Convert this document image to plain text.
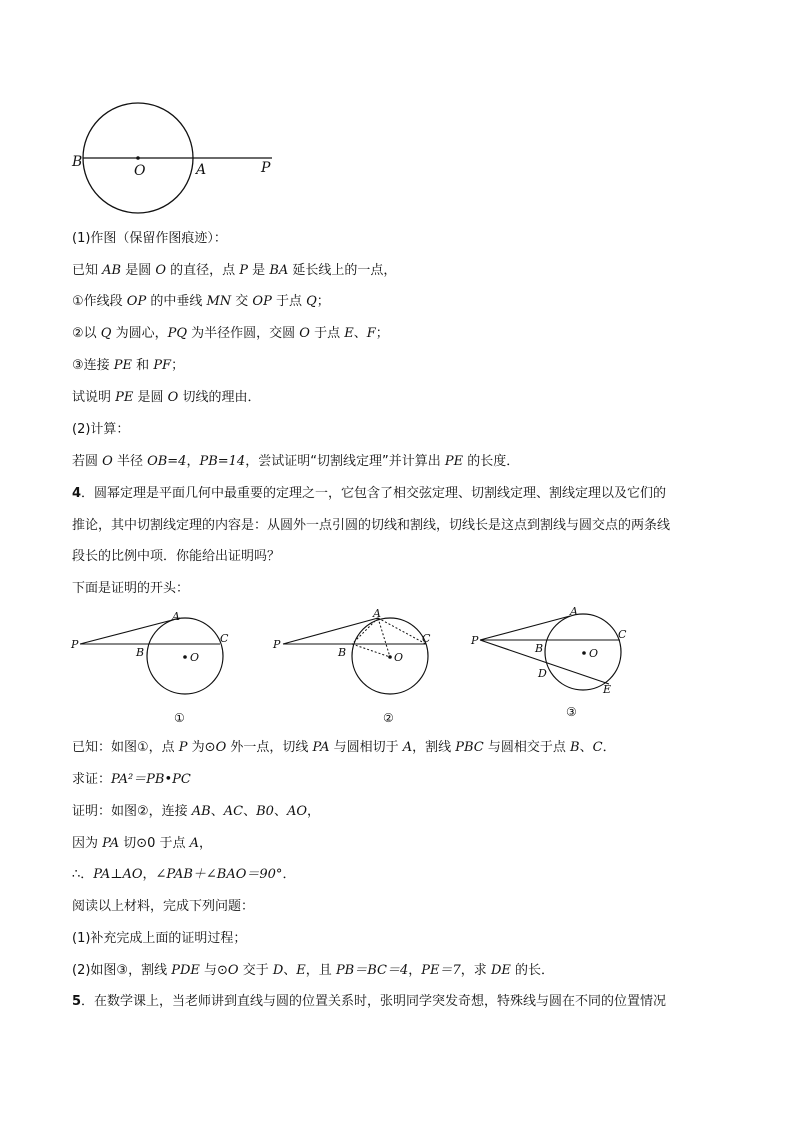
B
O	A	P
(1)作图（保留作图痕迹）：
已知 AB 是圆 O 的直径，点 P 是 BA 延长线上的一点，
①作线段 OP 的中垂线 MN 交 OP 于点 Q；
②以 Q 为圆心，PQ 为半径作圆，交圆 O 于点 E、F；
③连接 PE 和 PF；
试说明 PE 是圆 O 切线的理由．
(2)计算：
若圆 O 半径 OB=4，PB=14，尝试证明“切割线定理”并计算出 PE 的长度．
4．圆幂定理是平面几何中最重要的定理之一，它包含了相交弦定理、切割线定理、割线定理以及它们的
推论，其中切割线定理的内容是：从圆外一点引圆的切线和割线，切线长是这点到割线与圆交点的两条线
段长的比例中项．你能给出证明吗？
下面是证明的开头：
P
A
B
C
O
①
P
A
B
C
O
②
P
A
B
C
O
D
E
③
已知：如图①，点 P 为⊙O 外一点，切线 PA 与圆相切于 A，割线 PBC 与圆相交于点 B、C．
求证：PA²＝PB•PC
证明：如图②，连接 AB、AC、B0、AO，
因为 PA 切⊙0 于点 A，
∴．PA⊥AO，∠PAB＋∠BAO＝90°．
阅读以上材料，完成下列问题：
(1)补充完成上面的证明过程；
(2)如图③，割线 PDE 与⊙O 交于 D、E，且 PB＝BC＝4，PE＝7，求 DE 的长．
5．在数学课上，当老师讲到直线与圆的位置关系时，张明同学突发奇想，特殊线与圆在不同的位置情况
